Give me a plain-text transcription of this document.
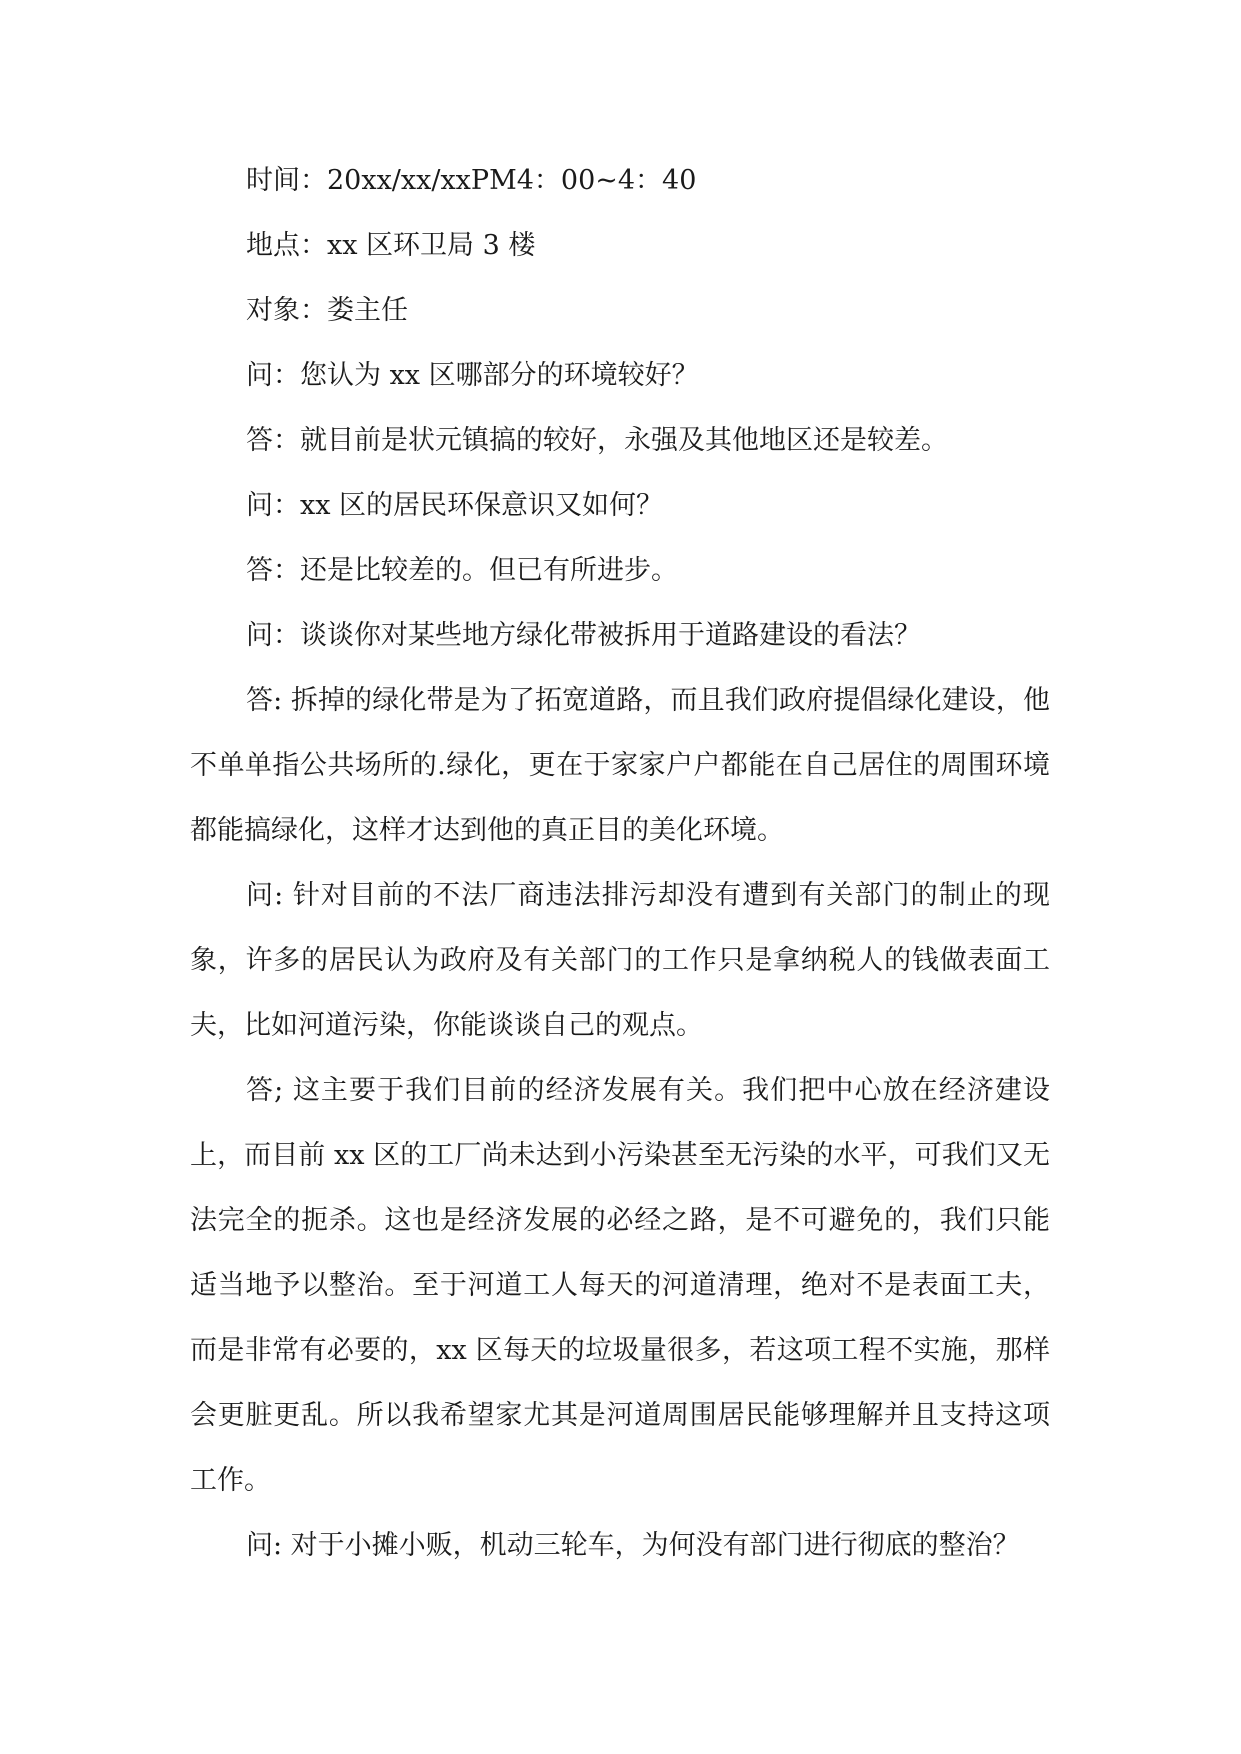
时间：20xx/xx/xxPM4：00~4：40

地点：xx 区环卫局 3 楼

对象：娄主任

问：您认为 xx 区哪部分的环境较好？

答：就目前是状元镇搞的较好，永强及其他地区还是较差。

问：xx 区的居民环保意识又如何？

答：还是比较差的。但已有所进步。

问：谈谈你对某些地方绿化带被拆用于道路建设的看法？

答: 拆掉的绿化带是为了拓宽道路，而且我们政府提倡绿化建设，他不单单指公共场所的.绿化，更在于家家户户都能在自己居住的周围环境都能搞绿化，这样才达到他的真正目的美化环境。

问: 针对目前的不法厂商违法排污却没有遭到有关部门的制止的现象，许多的居民认为政府及有关部门的工作只是拿纳税人的钱做表面工夫，比如河道污染，你能谈谈自己的观点。

答; 这主要于我们目前的经济发展有关。我们把中心放在经济建设上，而目前 xx 区的工厂尚未达到小污染甚至无污染的水平，可我们又无法完全的扼杀。这也是经济发展的必经之路，是不可避免的，我们只能适当地予以整治。至于河道工人每天的河道清理，绝对不是表面工夫，而是非常有必要的，xx 区每天的垃圾量很多，若这项工程不实施，那样会更脏更乱。所以我希望家尤其是河道周围居民能够理解并且支持这项工作。

问: 对于小摊小贩，机动三轮车，为何没有部门进行彻底的整治？
